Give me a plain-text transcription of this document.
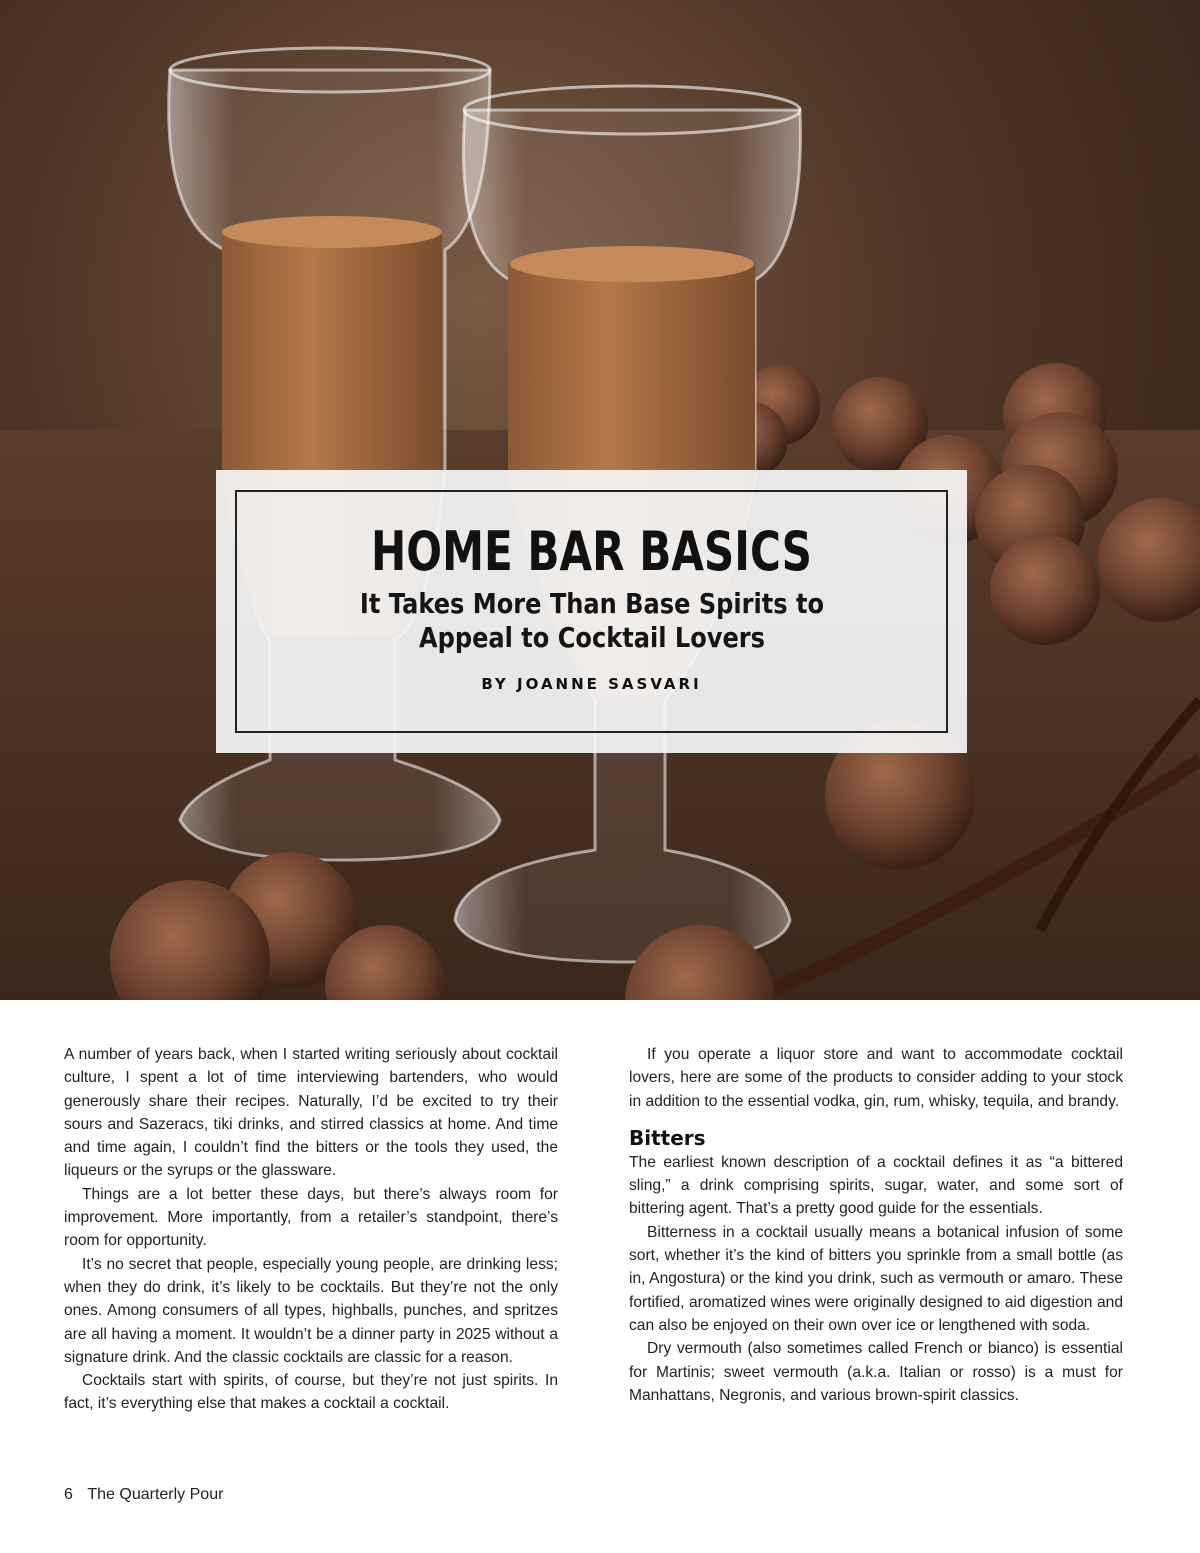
HOME BAR BASICS
It Takes More Than Base Spirits to Appeal to Cocktail Lovers
BY JOANNE SASVARI

A number of years back, when I started writing seriously about cocktail culture, I spent a lot of time interviewing bartenders, who would generously share their recipes. Naturally, I’d be excited to try their sours and Sazeracs, tiki drinks, and stirred classics at home. And time and time again, I couldn’t find the bitters or the tools they used, the liqueurs or the syrups or the glassware.

Things are a lot better these days, but there’s always room for improvement. More importantly, from a retailer’s standpoint, there’s room for opportunity.

It’s no secret that people, especially young people, are drinking less; when they do drink, it’s likely to be cocktails. But they’re not the only ones. Among consumers of all types, highballs, punches, and spritzes are all having a moment. It wouldn’t be a dinner party in 2025 without a signature drink. And the classic cocktails are classic for a reason.

Cocktails start with spirits, of course, but they’re not just spirits. In fact, it’s everything else that makes a cocktail a cocktail.

If you operate a liquor store and want to accommodate cocktail lovers, here are some of the products to consider adding to your stock in addition to the essential vodka, gin, rum, whisky, tequila, and brandy.

Bitters

The earliest known description of a cocktail defines it as “a bittered sling,” a drink comprising spirits, sugar, water, and some sort of bittering agent. That’s a pretty good guide for the essentials.

Bitterness in a cocktail usually means a botanical infusion of some sort, whether it’s the kind of bitters you sprinkle from a small bottle (as in, Angostura) or the kind you drink, such as vermouth or amaro. These fortified, aromatized wines were originally designed to aid digestion and can also be enjoyed on their own over ice or lengthened with soda.

Dry vermouth (also sometimes called French or bianco) is essential for Martinis; sweet vermouth (a.k.a. Italian or rosso) is a must for Manhattans, Negronis, and various brown-spirit classics.

6 The Quarterly Pour
